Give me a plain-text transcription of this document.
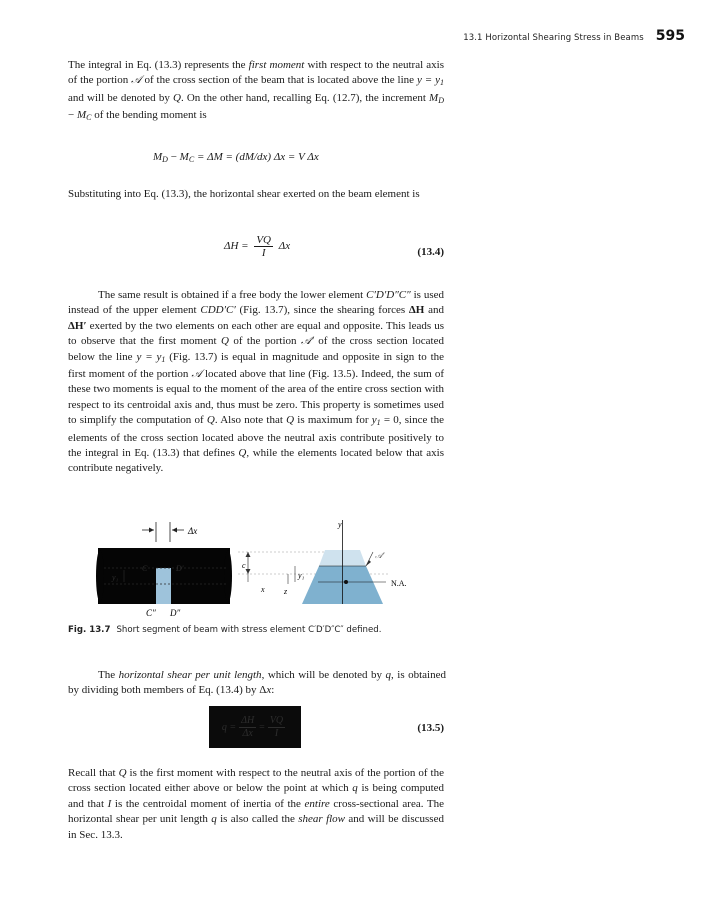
13.1 Horizontal Shearing Stress in Beams 595

The integral in Eq. (13.3) represents the first moment with respect to the neutral axis of the portion 𝒜 of the cross section of the beam that is located above the line $y = y_1$ and will be denoted by Q. On the other hand, recalling Eq. (12.7), the increment $M_D - M_C$ of the bending moment is

$M_D - M_C = \Delta M = (dM/dx) \Delta x = V$ Δx

Substituting into Eq. (13.3), the horizontal shear exerted on the beam element is

$\Delta H = \frac{VQ}{I}$ Δx	(13.4)

The same result is obtained if a free body the lower element C′D′D″C″ is used instead of the upper element CDD′C′ (Fig. 13.7), since the shearing forces ΔH and ΔH′ exerted by the two elements on each other are equal and opposite. This leads us to observe that the first moment Q of the portion 𝒜′ of the cross section located below the line $y = y_1$ (Fig. 13.7) is equal in magnitude and opposite in sign to the first moment of the portion 𝒜 located above that line (Fig. 13.5). Indeed, the sum of these two moments is equal to the moment of the area of the entire cross section with respect to its centroidal axis and, thus must be zero. This property is sometimes used to simplify the computation of Q. Also note that Q is maximum for $y_1 = 0$, since the elements of the cross section located above the neutral axis contribute positively to the integral in Eq. (13.3) that defines Q, while the elements located below that axis contribute negatively.

Δx
C	D′
y₁
C″ D″
c
x z
y₁
y
𝒜′
N.A.
Fig. 13.7 Short segment of beam with stress element C′D′D″C″ defined.

The horizontal shear per unit length, which will be denoted by q, is obtained by dividing both members of Eq. (13.4) by Δx:

$q = \frac{\Delta H}{\Delta x} = \frac{VQ}{I}$	(13.5)

Recall that Q is the first moment with respect to the neutral axis of the portion of the cross section located either above or below the point at which q is being computed and that I is the centroidal moment of inertia of the entire cross-sectional area. The horizontal shear per unit length q is also called the shear flow and will be discussed in Sec. 13.3.
